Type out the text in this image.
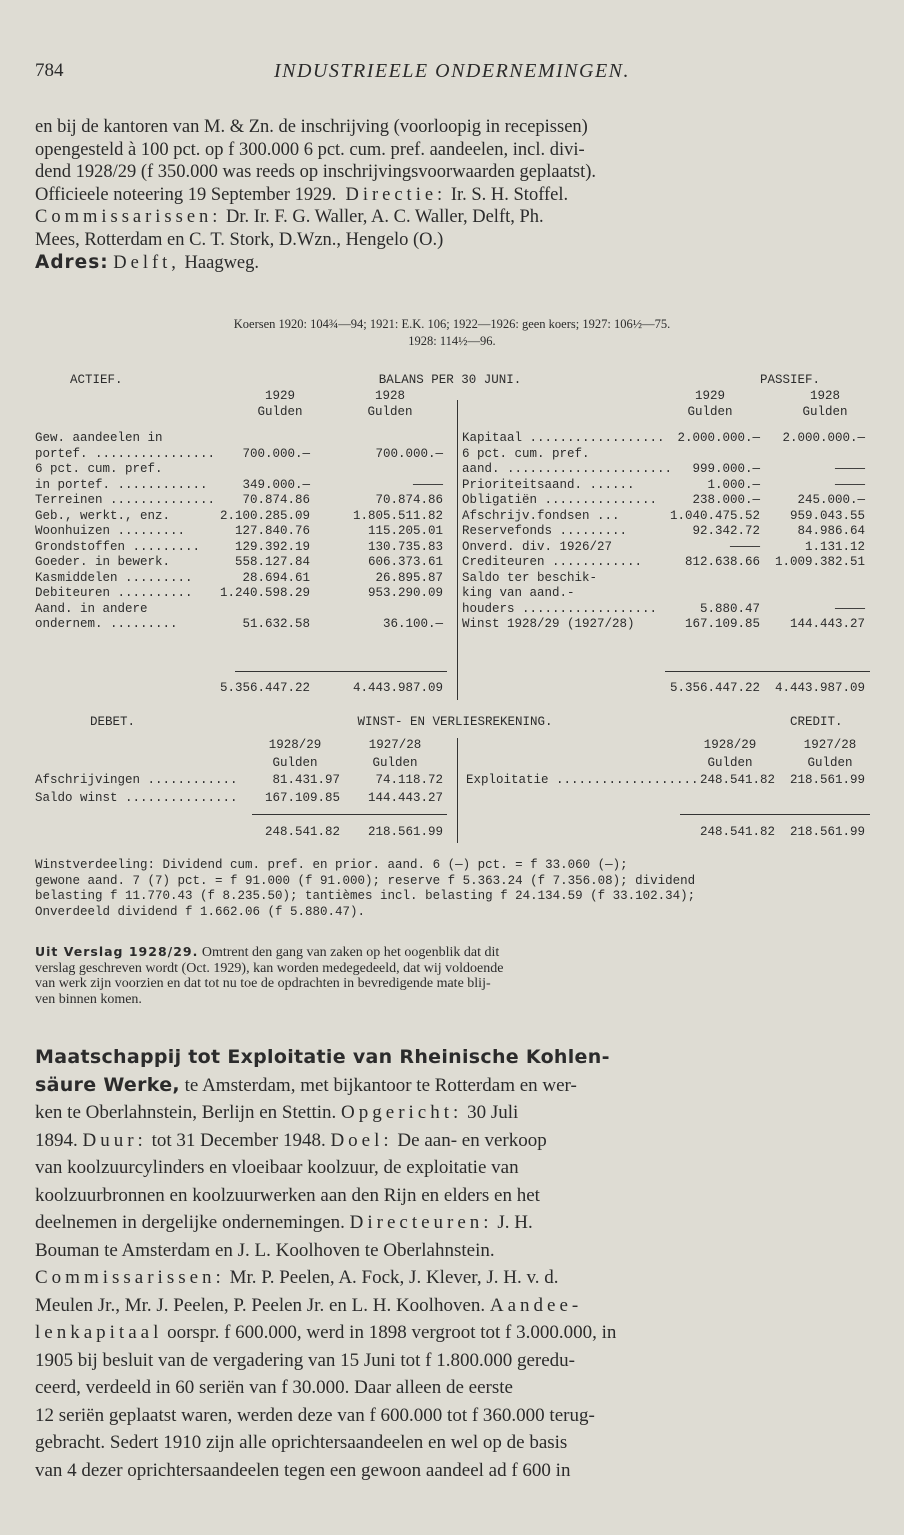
784	INDUSTRIEELE ONDERNEMINGEN.
en bij de kantoren van M. & Zn. de inschrijving (voorloopig in recepissen)
opengesteld à 100 pct. op f 300.000 6 pct. cum. pref. aandeelen, incl. divi-
dend 1928/29 (f 350.000 was reeds op inschrijvingsvoorwaarden geplaatst).
Officieele noteering 19 September 1929. Directie: Ir. S. H. Stoffel.
Commissarissen: Dr. Ir. F. G. Waller, A. C. Waller, Delft, Ph.
Mees, Rotterdam en C. T. Stork, D.Wzn., Hengelo (O.)
Adres: Delft, Haagweg.
Koersen 1920: 104¾—94; 1921: E.K. 106; 1922—1926: geen koers; 1927: 106½—75.
1928: 114½—96.
ACTIEF.	BALANS PER 30 JUNI.	PASSIEF.
1929	1928	1929	1928
Gulden	Gulden	Gulden	Gulden
Gew. aandeelen in
portef. ................	700.000.—	700.000.—
6 pct. cum. pref.
in portef. ............	349.000.—	————
Terreinen ..............	70.874.86	70.874.86
Geb., werkt., enz.	2.100.285.09	1.805.511.82
Woonhuizen .........	127.840.76	115.205.01
Grondstoffen .........	129.392.19	130.735.83
Goeder. in bewerk.	558.127.84	606.373.61
Kasmiddelen .........	28.694.61	26.895.87
Debiteuren ..........	1.240.598.29	953.290.09
Aand. in andere
ondernem. .........	51.632.58	36.100.—
Kapitaal ..................	2.000.000.—	2.000.000.—
6 pct. cum. pref.
aand. ......................	999.000.—	————
Prioriteitsaand. ......	1.000.—	————
Obligatiën ...............	238.000.—	245.000.—
Afschrijv.fondsen ...	1.040.475.52	959.043.55
Reservefonds .........	92.342.72	84.986.64
Onverd. div. 1926/27	————	1.131.12
Crediteuren ............	812.638.66	1.009.382.51
Saldo ter beschik-
king van aand.-
houders ..................	5.880.47	————
Winst 1928/29 (1927/28)	167.109.85	144.443.27
5.356.447.22	4.443.987.09	5.356.447.22	4.443.987.09
DEBET.	WINST- EN VERLIESREKENING.	CREDIT.
1928/29	1927/28	1928/29	1927/28
Gulden	Gulden	Gulden	Gulden
Afschrijvingen ............	81.431.97	74.118.72
Saldo winst ...............	167.109.85	144.443.27
Exploitatie ................... 248.541.82	218.561.99
248.541.82	218.561.99	248.541.82	218.561.99
Winstverdeeling: Dividend cum. pref. en prior. aand. 6 (—) pct. = f 33.060 (—);
gewone aand. 7 (7) pct. = f 91.000 (f 91.000); reserve f 5.363.24 (f 7.356.08); dividend
belasting f 11.770.43 (f 8.235.50); tantièmes incl. belasting f 24.134.59 (f 33.102.34);
Onverdeeld dividend f 1.662.06 (f 5.880.47).
Uit Verslag 1928/29. Omtrent den gang van zaken op het oogenblik dat dit
verslag geschreven wordt (Oct. 1929), kan worden medegedeeld, dat wij voldoende
van werk zijn voorzien en dat tot nu toe de opdrachten in bevredigende mate blij-
ven binnen komen.
Maatschappij tot Exploitatie van Rheinische Kohlen-
säure Werke, te Amsterdam, met bijkantoor te Rotterdam en wer-
ken te Oberlahnstein, Berlijn en Stettin. Opgericht: 30 Juli
1894. Duur: tot 31 December 1948. Doel: De aan- en verkoop
van koolzuurcylinders en vloeibaar koolzuur, de exploitatie van
koolzuurbronnen en koolzuurwerken aan den Rijn en elders en het
deelnemen in dergelijke ondernemingen. Directeuren: J. H.
Bouman te Amsterdam en J. L. Koolhoven te Oberlahnstein.
Commissarissen: Mr. P. Peelen, A. Fock, J. Klever, J. H. v. d.
Meulen Jr., Mr. J. Peelen, P. Peelen Jr. en L. H. Koolhoven. Aandee-
lenkapitaal oorspr. f 600.000, werd in 1898 vergroot tot f 3.000.000, in
1905 bij besluit van de vergadering van 15 Juni tot f 1.800.000 geredu-
ceerd, verdeeld in 60 seriën van f 30.000. Daar alleen de eerste
12 seriën geplaatst waren, werden deze van f 600.000 tot f 360.000 terug-
gebracht. Sedert 1910 zijn alle oprichtersaandeelen en wel op de basis
van 4 dezer oprichtersaandeelen tegen een gewoon aandeel ad f 600 in
